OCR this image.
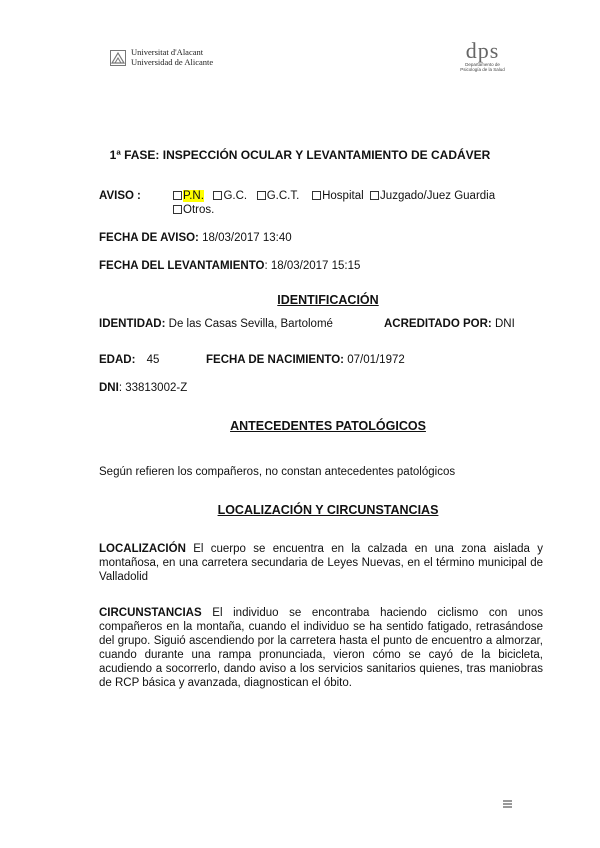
Universitat d'Alacant
Universidad de Alicante	dps
Departamento de
Psicología de la Salud
1ª FASE: INSPECCIÓN OCULAR Y LEVANTAMIENTO DE CADÁVER
AVISO :	P.N. G.C. G.C.T. Hospital Juzgado/Juez Guardia
Otros.
FECHA DE AVISO: 18/03/2017 13:40
FECHA DEL LEVANTAMIENTO: 18/03/2017 15:15
IDENTIFICACIÓN
IDENTIDAD: De las Casas Sevilla, Bartolomé	ACREDITADO POR: DNI
EDAD: 45	FECHA DE NACIMIENTO: 07/01/1972
DNI: 33813002-Z
ANTECEDENTES PATOLÓGICOS
Según refieren los compañeros, no constan antecedentes patológicos
LOCALIZACIÓN Y CIRCUNSTANCIAS
LOCALIZACIÓN El cuerpo se encuentra en la calzada en una zona aislada y montañosa, en una carretera secundaria de Leyes Nuevas, en el término municipal de Valladolid
CIRCUNSTANCIAS El individuo se encontraba haciendo ciclismo con unos compañeros en la montaña, cuando el individuo se ha sentido fatigado, retrasándose del grupo. Siguió ascendiendo por la carretera hasta el punto de encuentro a almorzar, cuando durante una rampa pronunciada, vieron cómo se cayó de la bicicleta, acudiendo a socorrerlo, dando aviso a los servicios sanitarios quienes, tras maniobras de RCP básica y avanzada, diagnostican el óbito.
